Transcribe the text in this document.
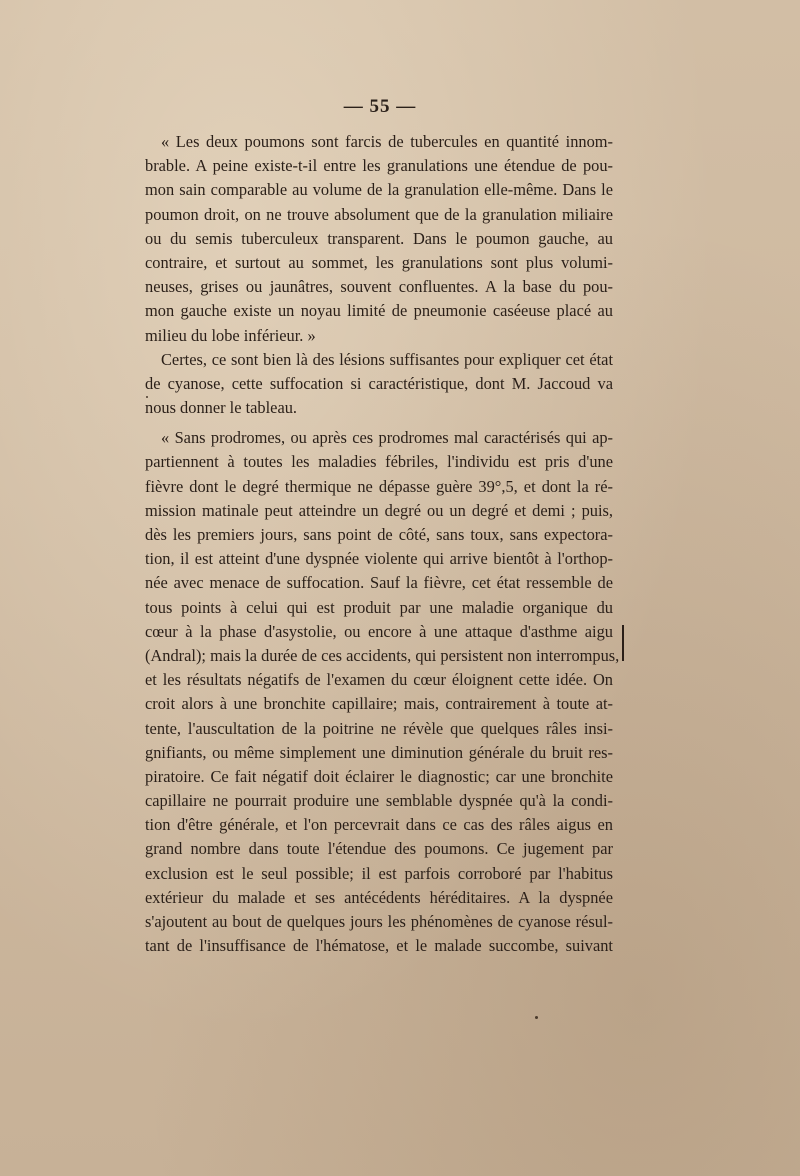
— 55 —
« Les deux poumons sont farcis de tubercules en quantité innom-
brable. A peine existe-t-il entre les granulations une étendue de pou-
mon sain comparable au volume de la granulation elle-même. Dans le
poumon droit, on ne trouve absolument que de la granulation miliaire
ou du semis tuberculeux transparent. Dans le poumon gauche, au
contraire, et surtout au sommet, les granulations sont plus volumi-
neuses, grises ou jaunâtres, souvent confluentes. A la base du pou-
mon gauche existe un noyau limité de pneumonie caséeuse placé au
milieu du lobe inférieur. »
Certes, ce sont bien là des lésions suffisantes pour expliquer cet état
de cyanose, cette suffocation si caractéristique, dont M. Jaccoud va
nous donner le tableau.
« Sans prodromes, ou après ces prodromes mal caractérisés qui ap-
partiennent à toutes les maladies fébriles, l'individu est pris d'une
fièvre dont le degré thermique ne dépasse guère 39°,5, et dont la ré-
mission matinale peut atteindre un degré ou un degré et demi ; puis,
dès les premiers jours, sans point de côté, sans toux, sans expectora-
tion, il est atteint d'une dyspnée violente qui arrive bientôt à l'orthop-
née avec menace de suffocation. Sauf la fièvre, cet état ressemble de
tous points à celui qui est produit par une maladie organique du
cœur à la phase d'asystolie, ou encore à une attaque d'asthme aigu
(Andral); mais la durée de ces accidents, qui persistent non interrompus,
et les résultats négatifs de l'examen du cœur éloignent cette idée. On
croit alors à une bronchite capillaire; mais, contrairement à toute at-
tente, l'auscultation de la poitrine ne révèle que quelques râles insi-
gnifiants, ou même simplement une diminution générale du bruit res-
piratoire. Ce fait négatif doit éclairer le diagnostic; car une bronchite
capillaire ne pourrait produire une semblable dyspnée qu'à la condi-
tion d'être générale, et l'on percevrait dans ce cas des râles aigus en
grand nombre dans toute l'étendue des poumons. Ce jugement par
exclusion est le seul possible; il est parfois corroboré par l'habitus
extérieur du malade et ses antécédents héréditaires. A la dyspnée
s'ajoutent au bout de quelques jours les phénomènes de cyanose résul-
tant de l'insuffisance de l'hématose, et le malade succombe, suivant
